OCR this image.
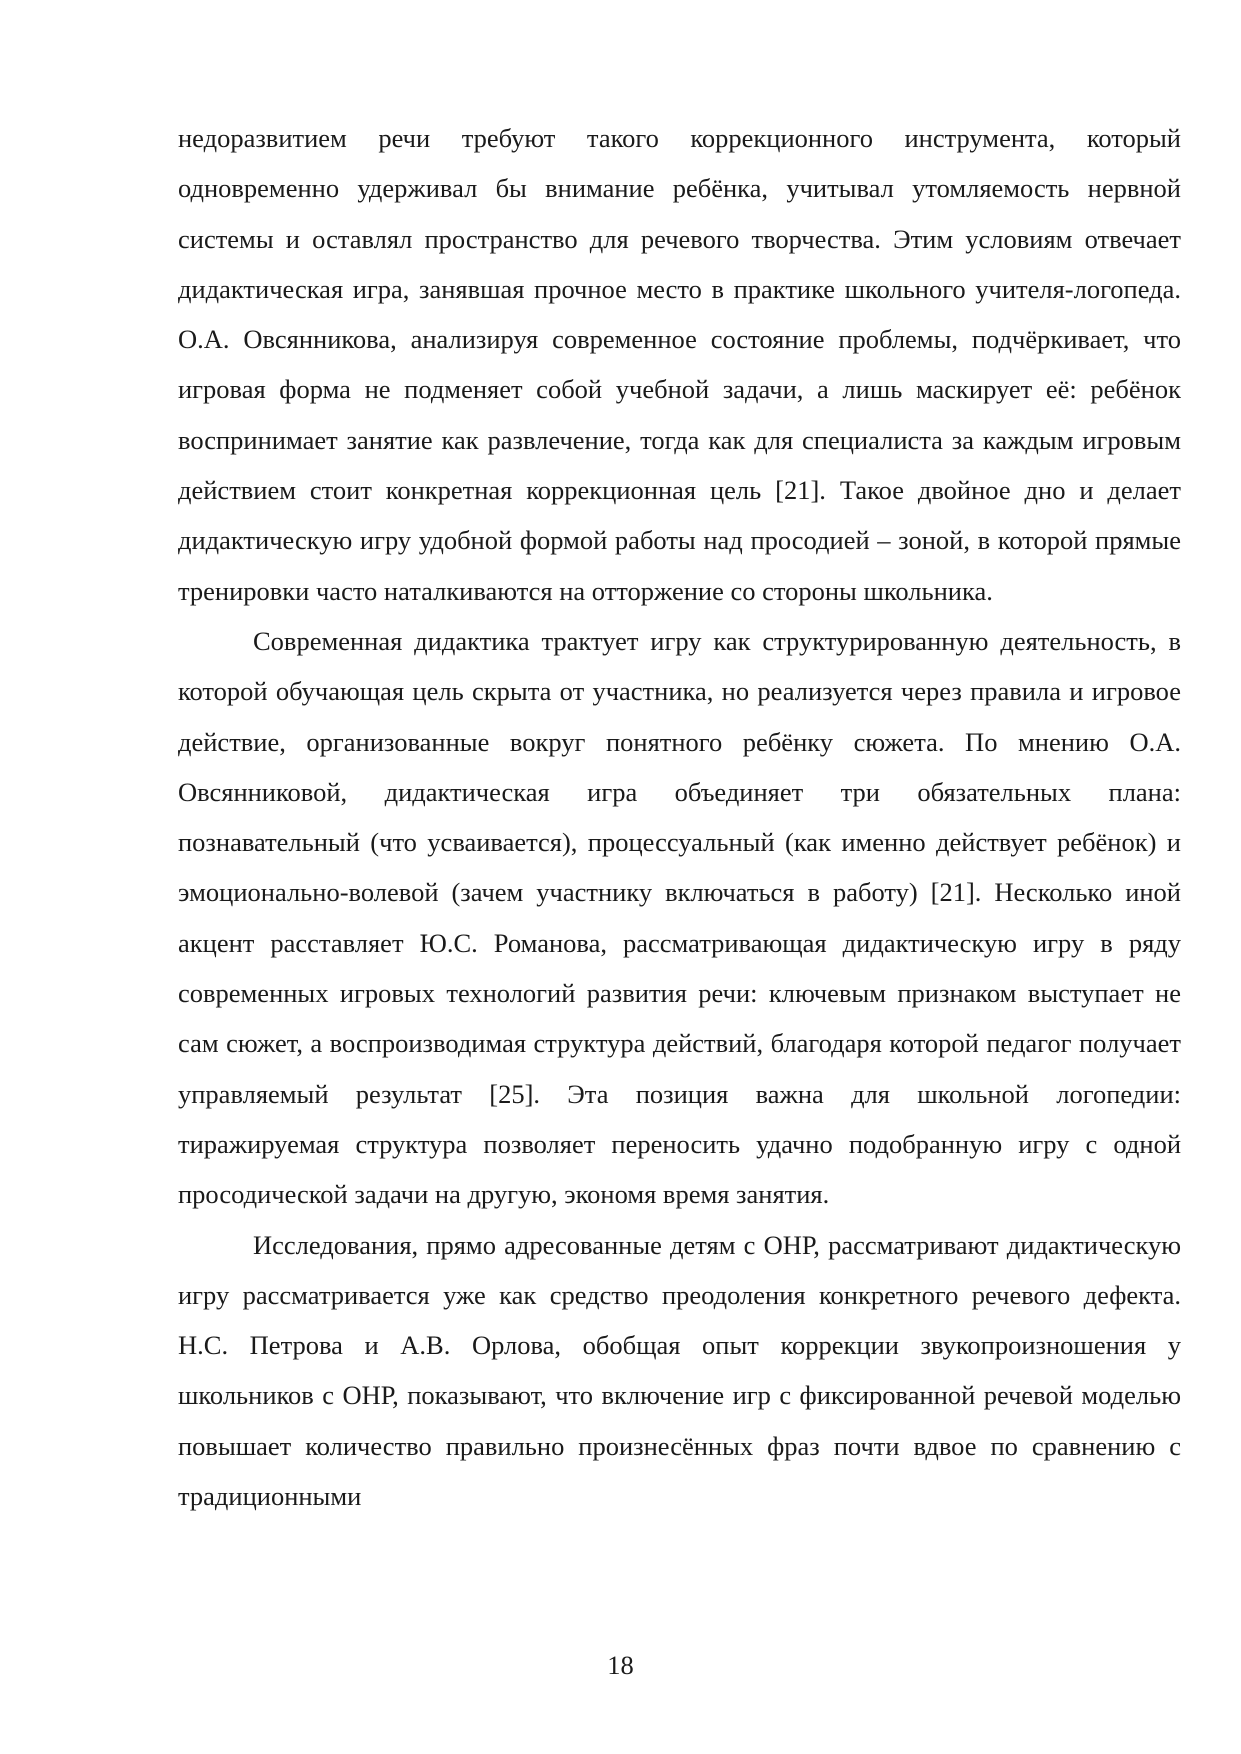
недоразвитием речи требуют такого коррекционного инструмента, который одновременно удерживал бы внимание ребёнка, учитывал утомляемость нервной системы и оставлял пространство для речевого творчества. Этим условиям отвечает дидактическая игра, занявшая прочное место в практике школьного учителя-логопеда. О.А. Овсянникова, анализируя современное состояние проблемы, подчёркивает, что игровая форма не подменяет собой учебной задачи, а лишь маскирует её: ребёнок воспринимает занятие как развлечение, тогда как для специалиста за каждым игровым действием стоит конкретная коррекционная цель [21]. Такое двойное дно и делает дидактическую игру удобной формой работы над просодией – зоной, в которой прямые тренировки часто наталкиваются на отторжение со стороны школьника.

Современная дидактика трактует игру как структурированную деятельность, в которой обучающая цель скрыта от участника, но реализуется через правила и игровое действие, организованные вокруг понятного ребёнку сюжета. По мнению О.А. Овсянниковой, дидактическая игра объединяет три обязательных плана: познавательный (что усваивается), процессуальный (как именно действует ребёнок) и эмоционально-волевой (зачем участнику включаться в работу) [21]. Несколько иной акцент расставляет Ю.С. Романова, рассматривающая дидактическую игру в ряду современных игровых технологий развития речи: ключевым признаком выступает не сам сюжет, а воспроизводимая структура действий, благодаря которой педагог получает управляемый результат [25]. Эта позиция важна для школьной логопедии: тиражируемая структура позволяет переносить удачно подобранную игру с одной просодической задачи на другую, экономя время занятия.

Исследования, прямо адресованные детям с ОНР, рассматривают дидактическую игру рассматривается уже как средство преодоления конкретного речевого дефекта. Н.С. Петрова и А.В. Орлова, обобщая опыт коррекции звукопроизношения у школьников с ОНР, показывают, что включение игр с фиксированной речевой моделью повышает количество правильно произнесённых фраз почти вдвое по сравнению с традиционными

18
